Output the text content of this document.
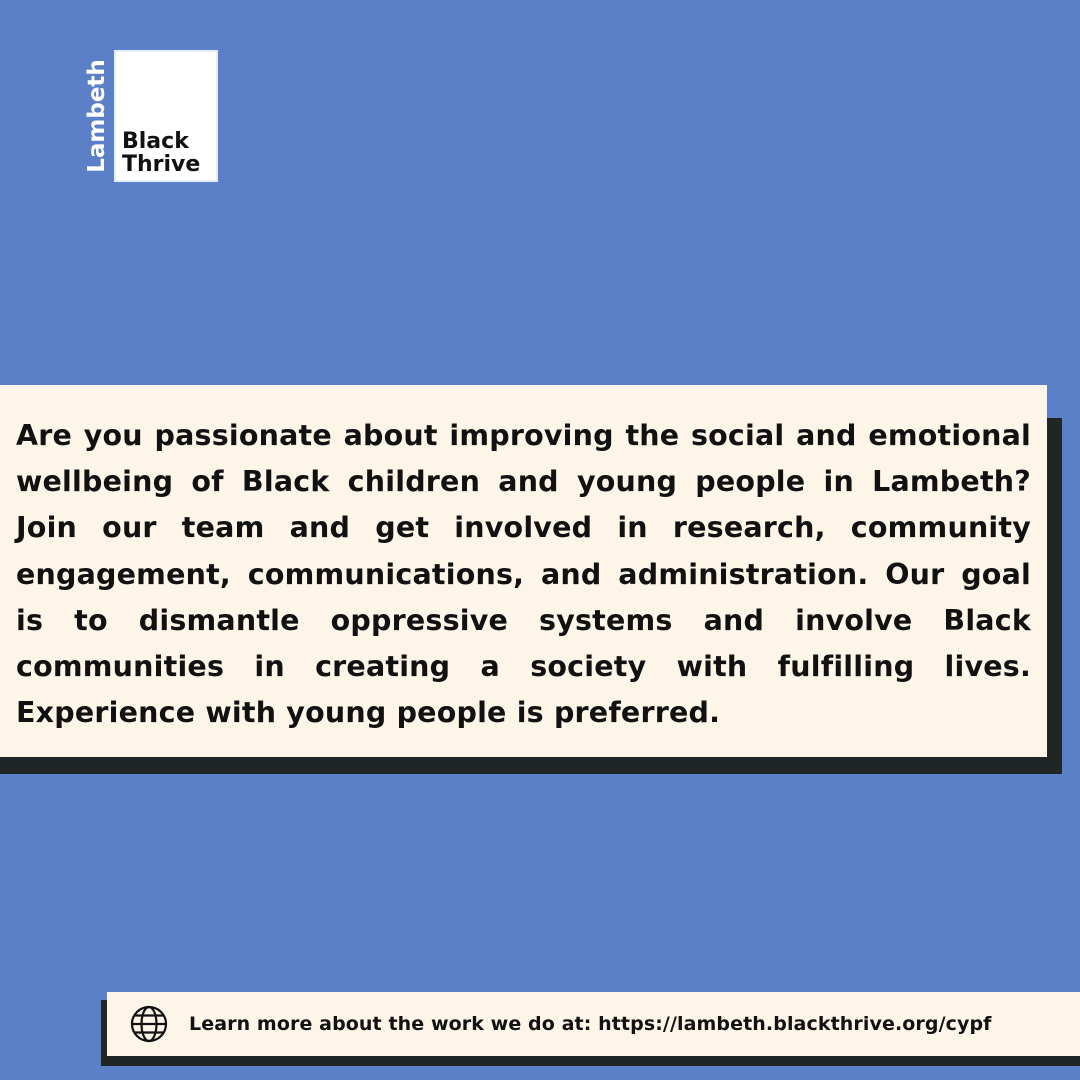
Lambeth Black
Thrive

Are you passionate about improving the social and emotional wellbeing of Black children and young people in Lambeth? Join our team and get involved in research, community engagement, communications, and administration. Our goal is to dismantle oppressive systems and involve Black communities in creating a society with fulfilling lives. Experience with young people is preferred.

Learn more about the work we do at: https://lambeth.blackthrive.org/cypf
